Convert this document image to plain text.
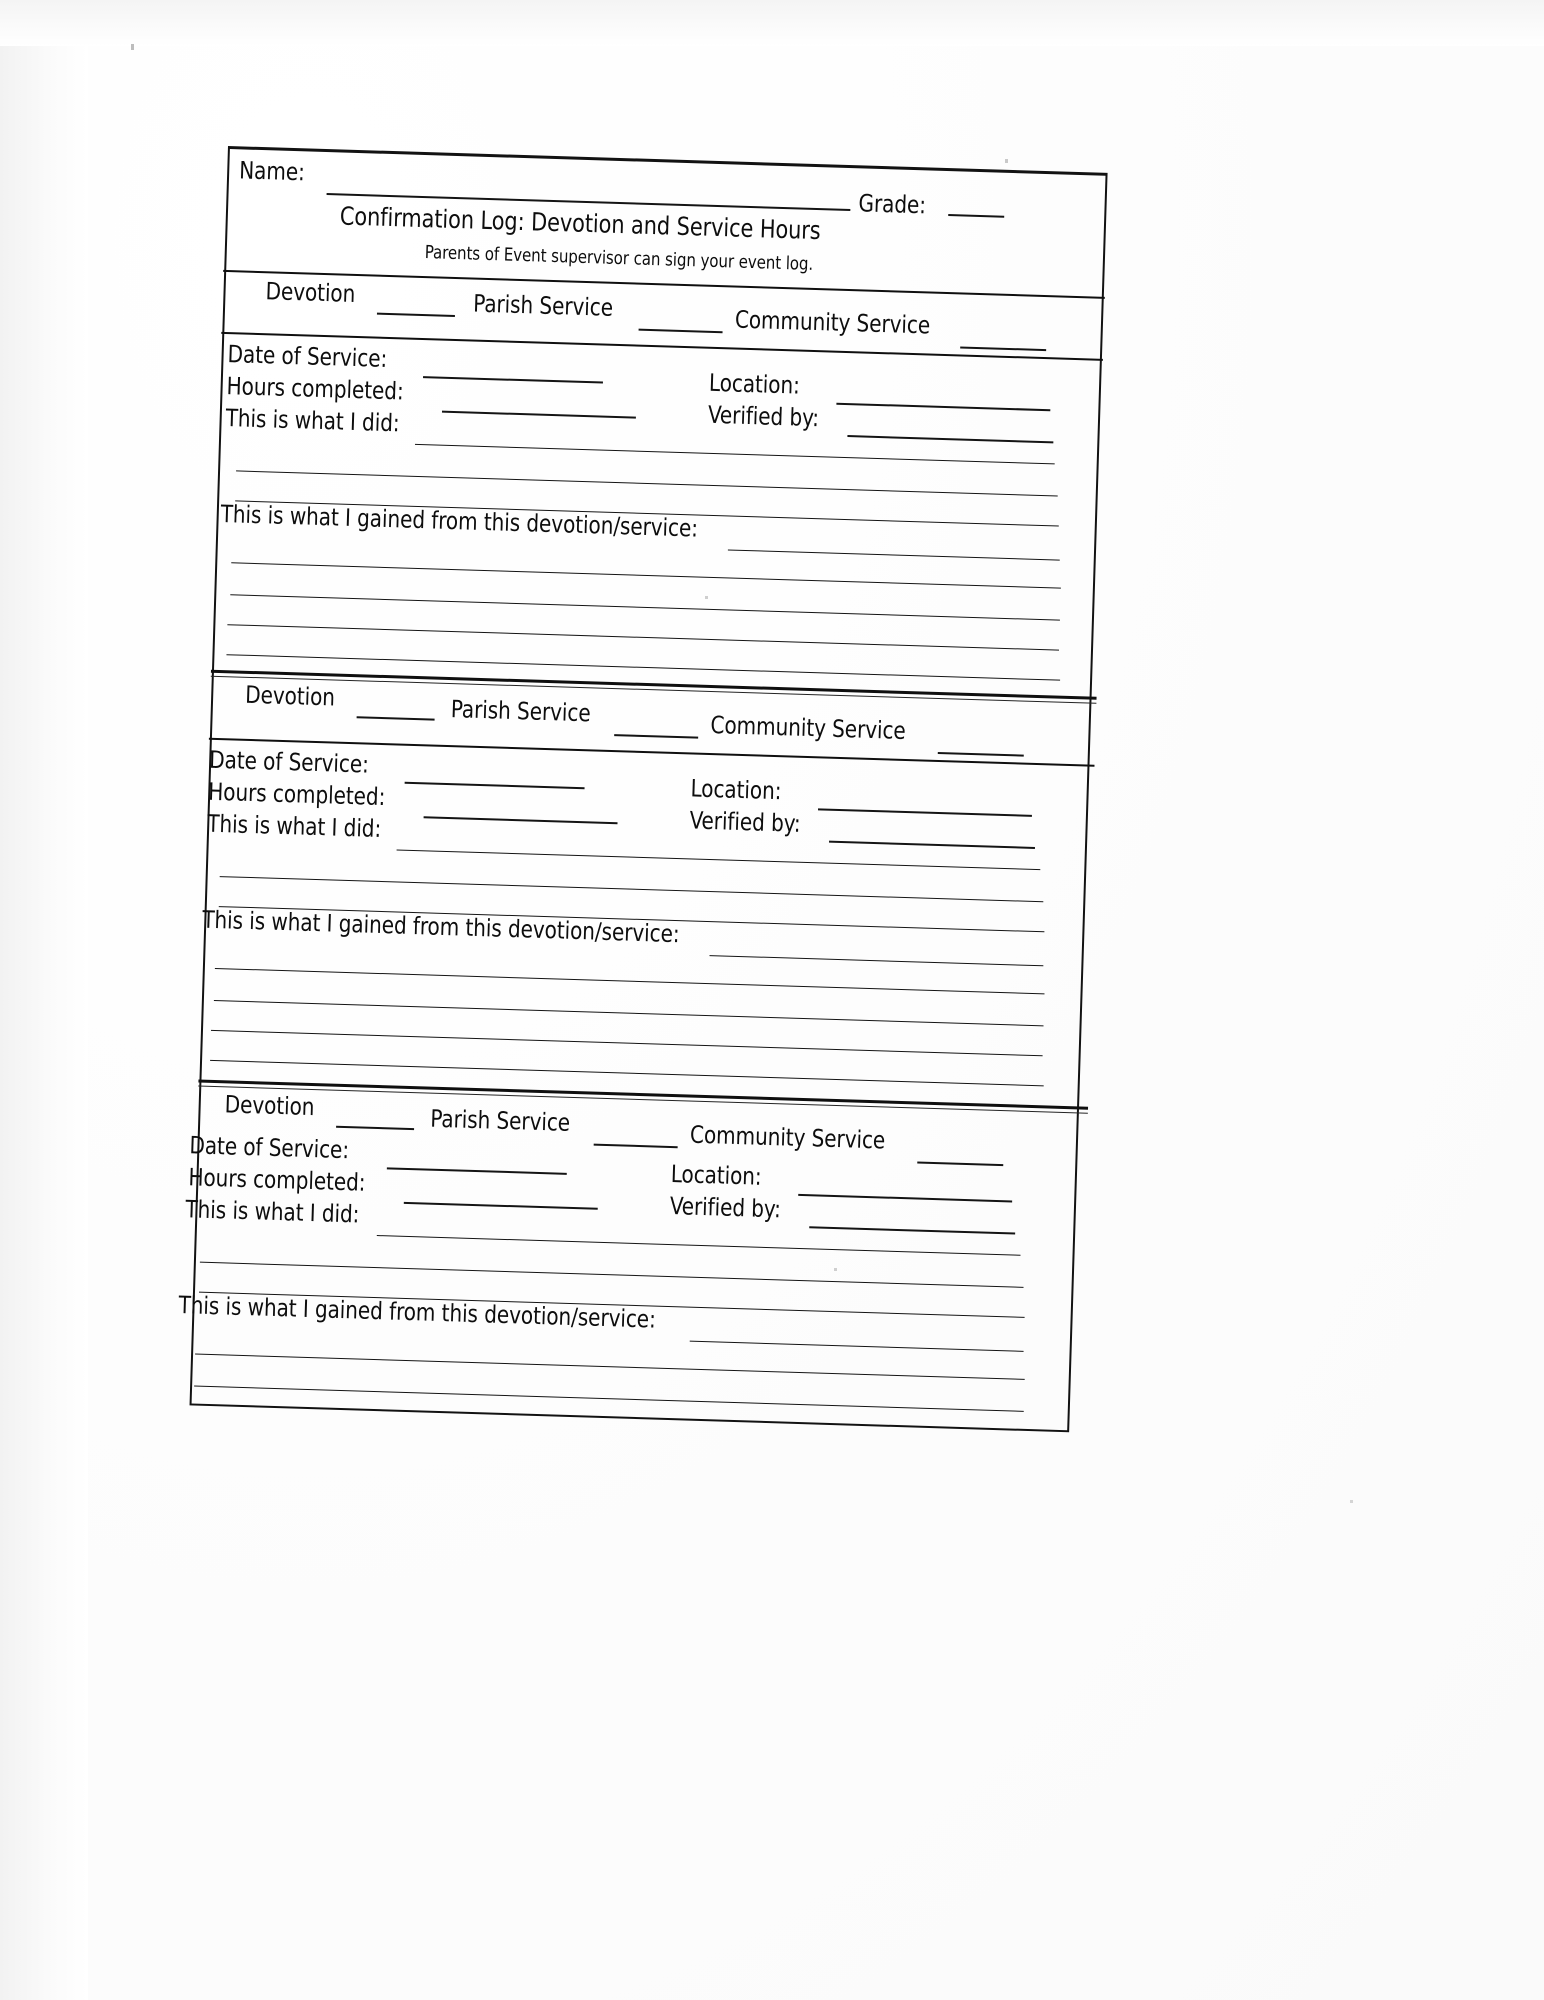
Name:
Grade:
Confirmation Log: Devotion and Service Hours
Parents of Event supervisor can sign your event log.
Devotion	Parish Service	Community Service
Date of Service:
Location:
Hours completed:
Verified by:
This is what I did:
This is what I gained from this devotion/service:
Devotion	Parish Service	Community Service
Date of Service:
Location:
Hours completed:
Verified by:
This is what I did:
This is what I gained from this devotion/service:
Devotion	Parish Service	Community Service
Date of Service:
Location:
Hours completed:
Verified by:
This is what I did:
This is what I gained from this devotion/service:
